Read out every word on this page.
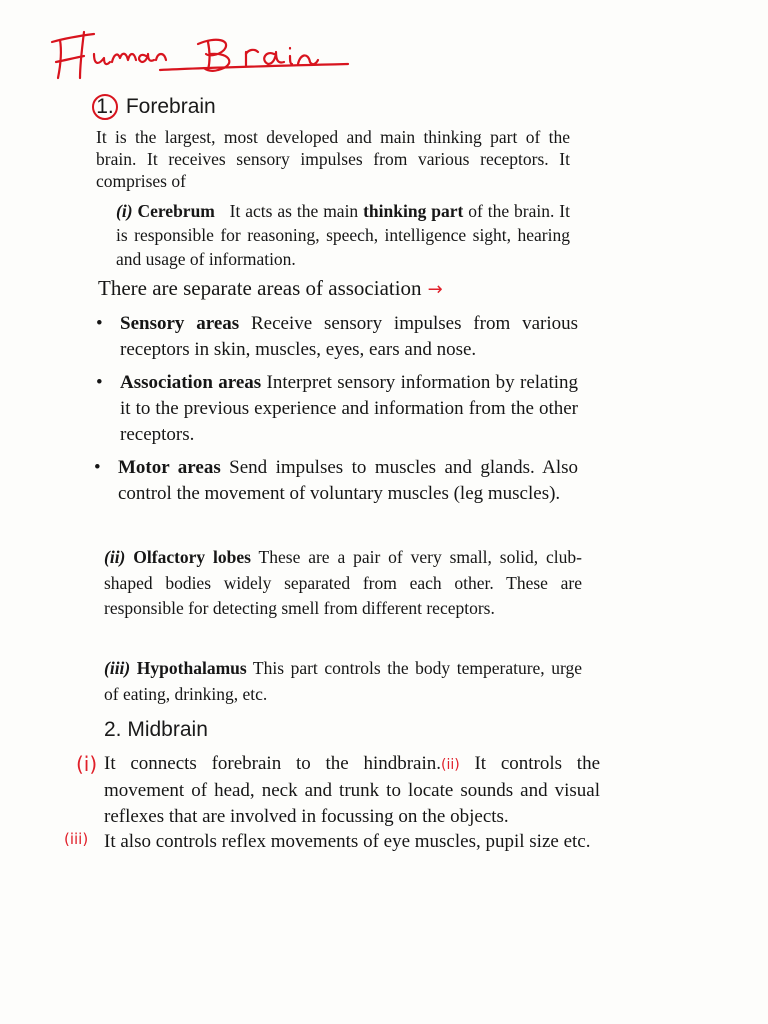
1. Forebrain
It is the largest, most developed and main thinking part of the brain. It receives sensory impulses from various receptors. It comprises of
(i) Cerebrum It acts as the main thinking part of the brain. It is responsible for reasoning, speech, intelligence sight, hearing and usage of information.
There are separate areas of association →
• Sensory areas Receive sensory impulses from various receptors in skin, muscles, eyes, ears and nose.
• Association areas Interpret sensory information by relating it to the previous experience and information from the other receptors.
• Motor areas Send impulses to muscles and glands. Also control the movement of voluntary muscles (leg muscles).
(ii) Olfactory lobes These are a pair of very small, solid, club-shaped bodies widely separated from each other. These are responsible for detecting smell from different receptors.
(iii) Hypothalamus This part controls the body temperature, urge of eating, drinking, etc.
2. Midbrain
(i)
(iii)
It connects forebrain to the hindbrain.(ii) It controls the movement of head, neck and trunk to locate sounds and visual reflexes that are involved in focussing on the objects.
It also controls reflex movements of eye muscles, pupil size etc.
